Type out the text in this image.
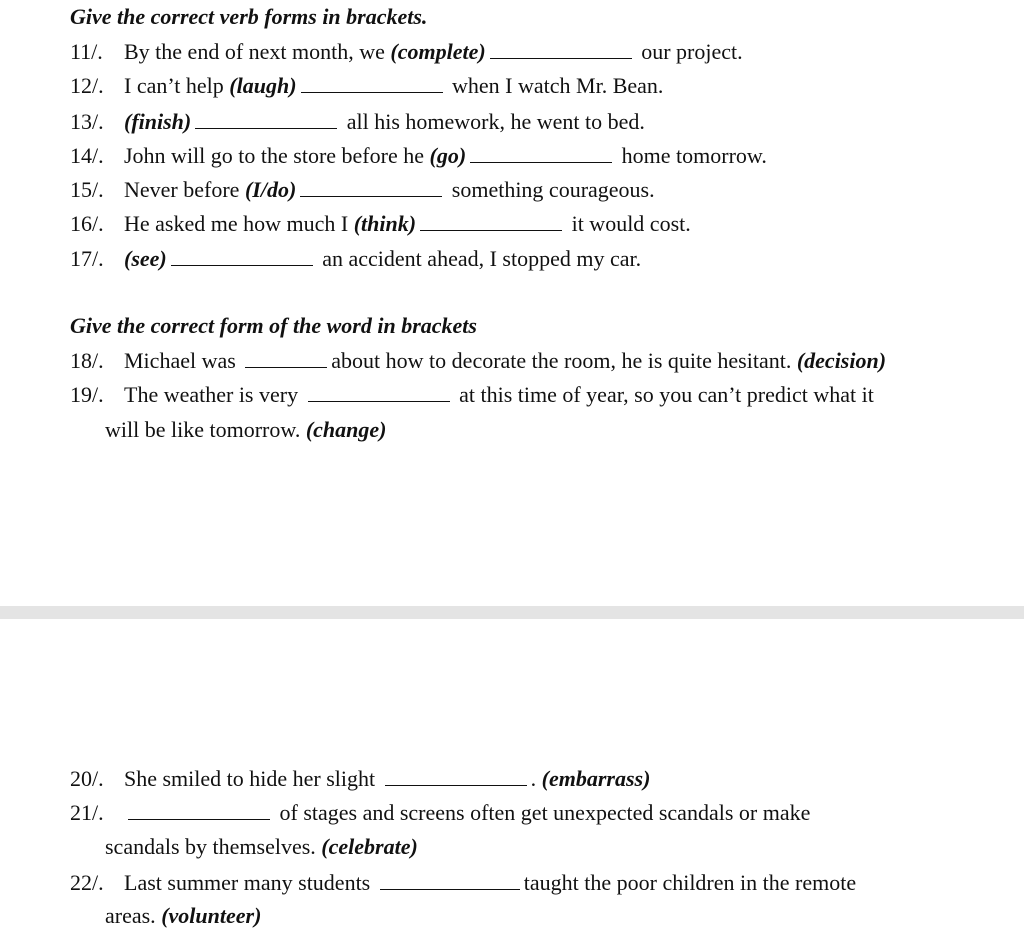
Give the correct verb forms in brackets.
11/. By the end of next month, we (complete)	our project.
12/. I can’t help (laugh)	when I watch Mr. Bean.
13/. (finish)	all his homework, he went to bed.
14/. John will go to the store before he (go)	home tomorrow.
15/. Never before (I/do)	something courageous.
16/. He asked me how much I (think)	it would cost.
17/. (see)	an accident ahead, I stopped my car.
Give the correct form of the word in brackets
18/. Michael was	about how to decorate the room, he is quite hesitant. (decision)
19/. The weather is very	at this time of year, so you can’t predict what it
will be like tomorrow. (change)
20/. She smiled to hide her slight	. (embarrass)
21/.	of stages and screens often get unexpected scandals or make
scandals by themselves. (celebrate)
22/. Last summer many students	taught the poor children in the remote
areas. (volunteer)
